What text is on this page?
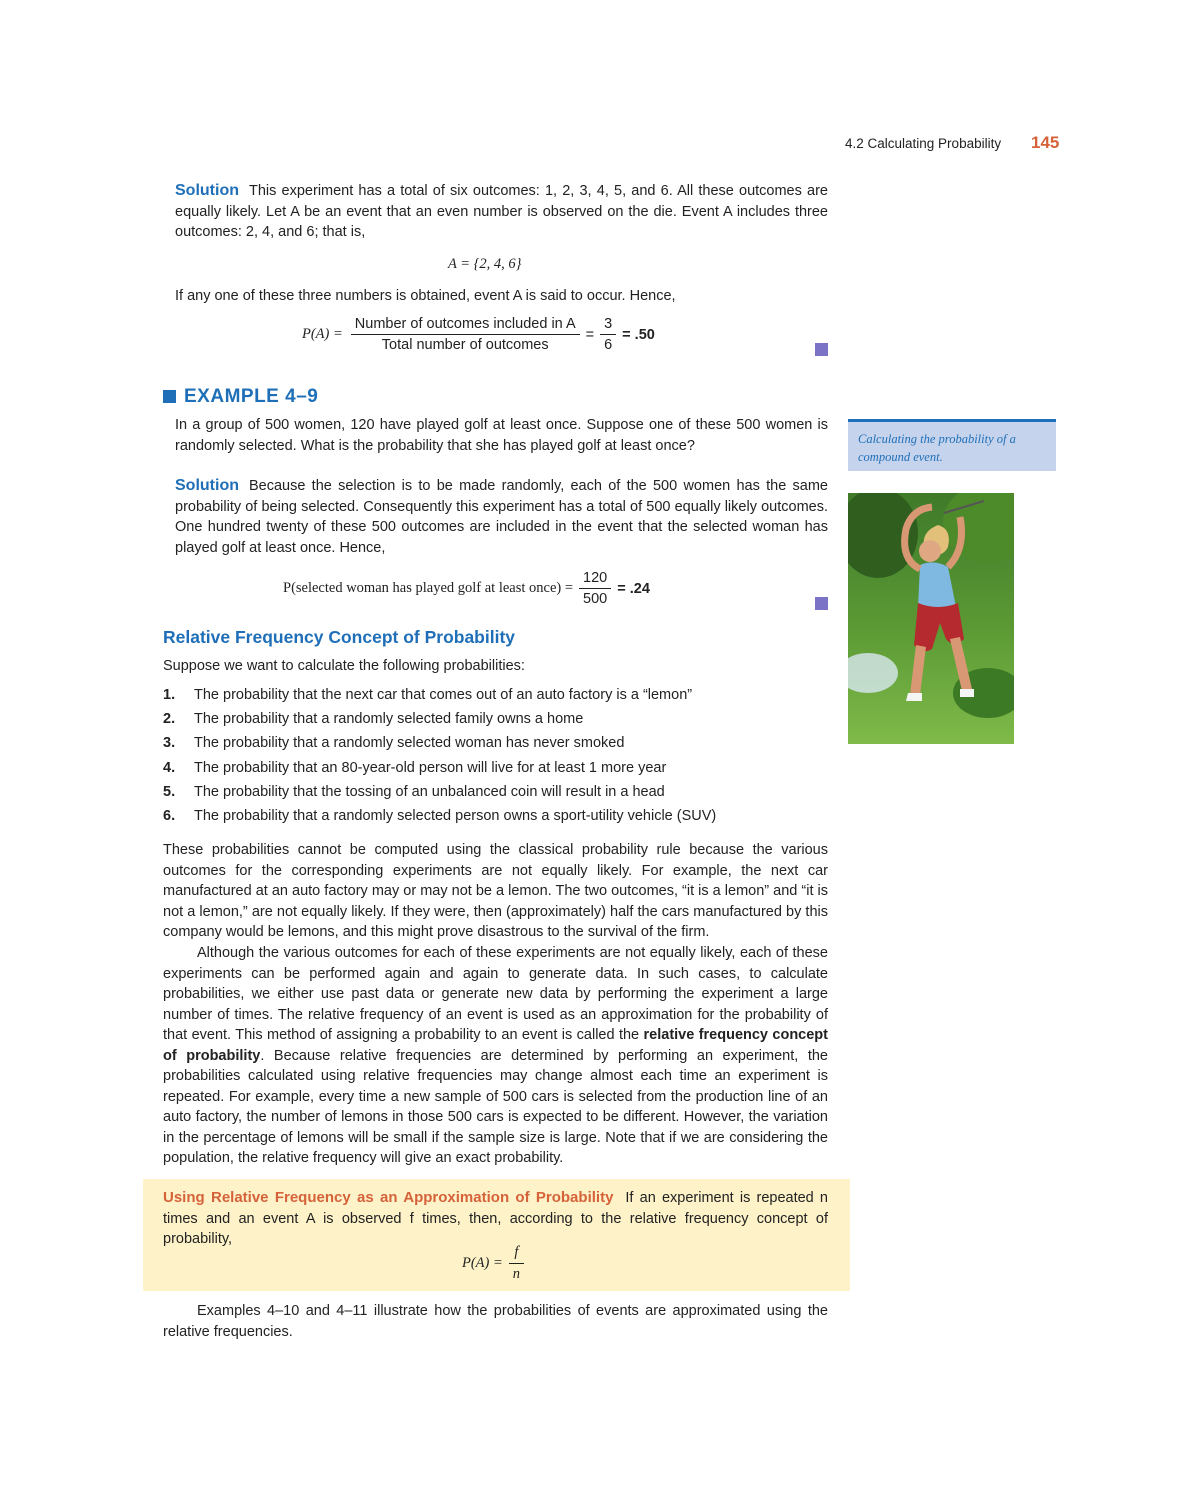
4.2 Calculating Probability 145
Solution This experiment has a total of six outcomes: 1, 2, 3, 4, 5, and 6. All these outcomes are equally likely. Let A be an event that an even number is observed on the die. Event A includes three outcomes: 2, 4, and 6; that is,
A = {2, 4, 6}
If any one of these three numbers is obtained, event A is said to occur. Hence,
$P(A) = \frac{\text{Number of outcomes included in A}}{\text{Total number of outcomes}} = \frac{3}{6} = .50$
EXAMPLE 4–9
In a group of 500 women, 120 have played golf at least once. Suppose one of these 500 women is randomly selected. What is the probability that she has played golf at least once?
Solution Because the selection is to be made randomly, each of the 500 women has the same probability of being selected. Consequently this experiment has a total of 500 equally likely outcomes. One hundred twenty of these 500 outcomes are included in the event that the selected woman has played golf at least once. Hence,
P(selected woman has played golf at least once) = $\frac{120}{500} = .24$
Calculating the probability of a compound event.
Relative Frequency Concept of Probability
Suppose we want to calculate the following probabilities:
1. The probability that the next car that comes out of an auto factory is a “lemon”
2. The probability that a randomly selected family owns a home
3. The probability that a randomly selected woman has never smoked
4. The probability that an 80-year-old person will live for at least 1 more year
5. The probability that the tossing of an unbalanced coin will result in a head
6. The probability that a randomly selected person owns a sport-utility vehicle (SUV)
These probabilities cannot be computed using the classical probability rule because the various outcomes for the corresponding experiments are not equally likely. For example, the next car manufactured at an auto factory may or may not be a lemon. The two outcomes, “it is a lemon” and “it is not a lemon,” are not equally likely. If they were, then (approximately) half the cars manufactured by this company would be lemons, and this might prove disastrous to the survival of the firm.
Although the various outcomes for each of these experiments are not equally likely, each of these experiments can be performed again and again to generate data. In such cases, to calculate probabilities, we either use past data or generate new data by performing the experiment a large number of times. The relative frequency of an event is used as an approximation for the probability of that event. This method of assigning a probability to an event is called the relative frequency concept of probability. Because relative frequencies are determined by performing an experiment, the probabilities calculated using relative frequencies may change almost each time an experiment is repeated. For example, every time a new sample of 500 cars is selected from the production line of an auto factory, the number of lemons in those 500 cars is expected to be different. However, the variation in the percentage of lemons will be small if the sample size is large. Note that if we are considering the population, the relative frequency will give an exact probability.
Using Relative Frequency as an Approximation of Probability If an experiment is repeated n times and an event A is observed f times, then, according to the relative frequency concept of probability,
$P(A) = \frac{f}{n}$
Examples 4–10 and 4–11 illustrate how the probabilities of events are approximated using the relative frequencies.
